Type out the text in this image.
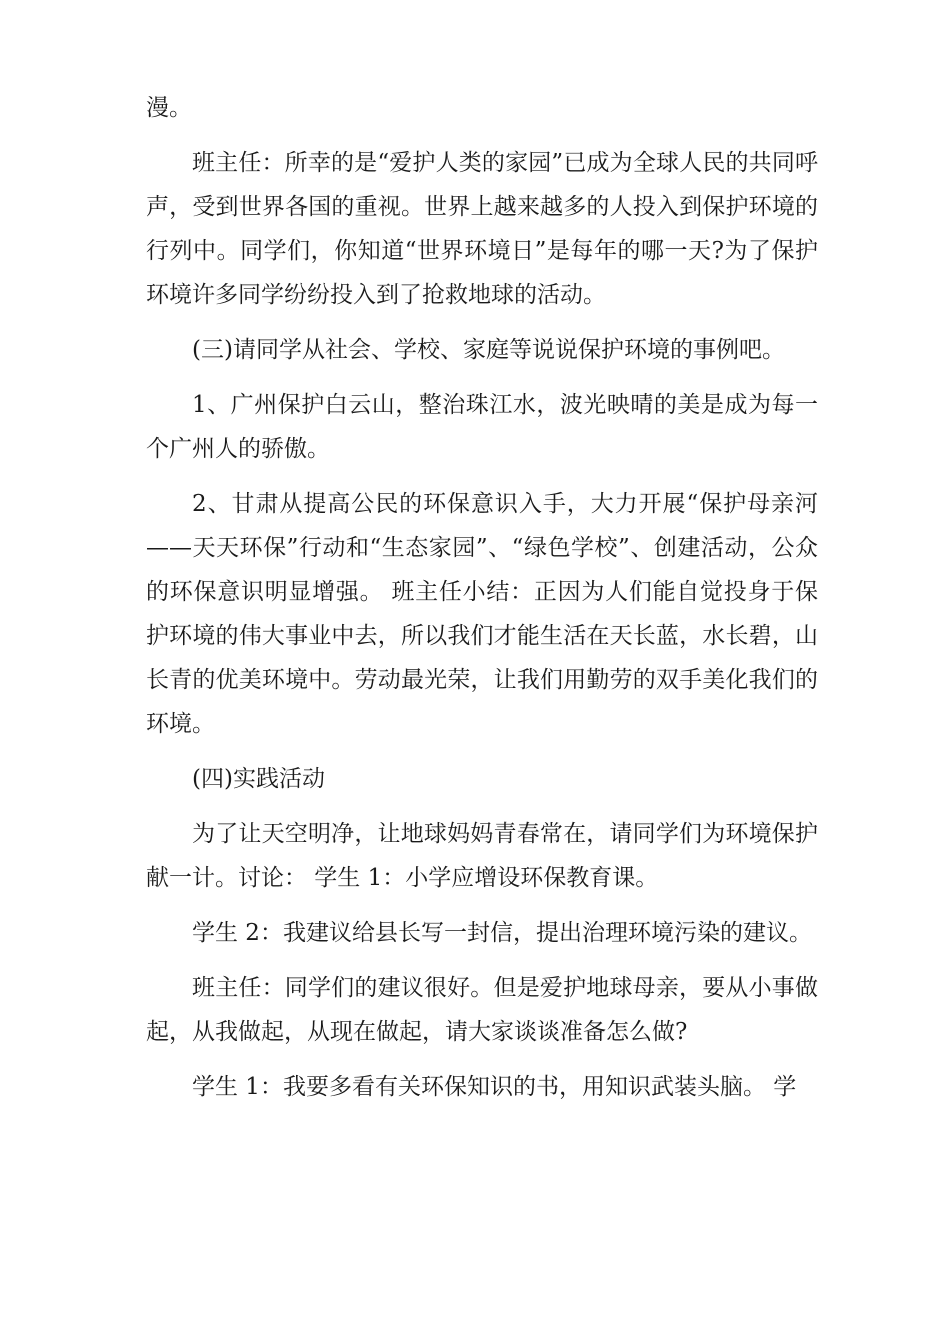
漫。

班主任：所幸的是“爱护人类的家园”已成为全球人民的共同呼声，受到世界各国的重视。世界上越来越多的人投入到保护环境的行列中。同学们，你知道“世界环境日”是每年的哪一天?为了保护环境许多同学纷纷投入到了抢救地球的活动。

(三)请同学从社会、学校、家庭等说说保护环境的事例吧。

1、广州保护白云山，整治珠江水，波光映晴的美是成为每一个广州人的骄傲。

2、甘肃从提高公民的环保意识入手，大力开展“保护母亲河——天天环保”行动和“生态家园”、“绿色学校”、创建活动，公众的环保意识明显增强。 班主任小结：正因为人们能自觉投身于保护环境的伟大事业中去，所以我们才能生活在天长蓝，水长碧，山长青的优美环境中。劳动最光荣，让我们用勤劳的双手美化我们的环境。

(四)实践活动

为了让天空明净，让地球妈妈青春常在，请同学们为环境保护献一计。讨论： 学生 1：小学应增设环保教育课。

学生 2：我建议给县长写一封信，提出治理环境污染的建议。

班主任：同学们的建议很好。但是爱护地球母亲，要从小事做起，从我做起，从现在做起，请大家谈谈准备怎么做?

学生 1：我要多看有关环保知识的书，用知识武装头脑。 学
